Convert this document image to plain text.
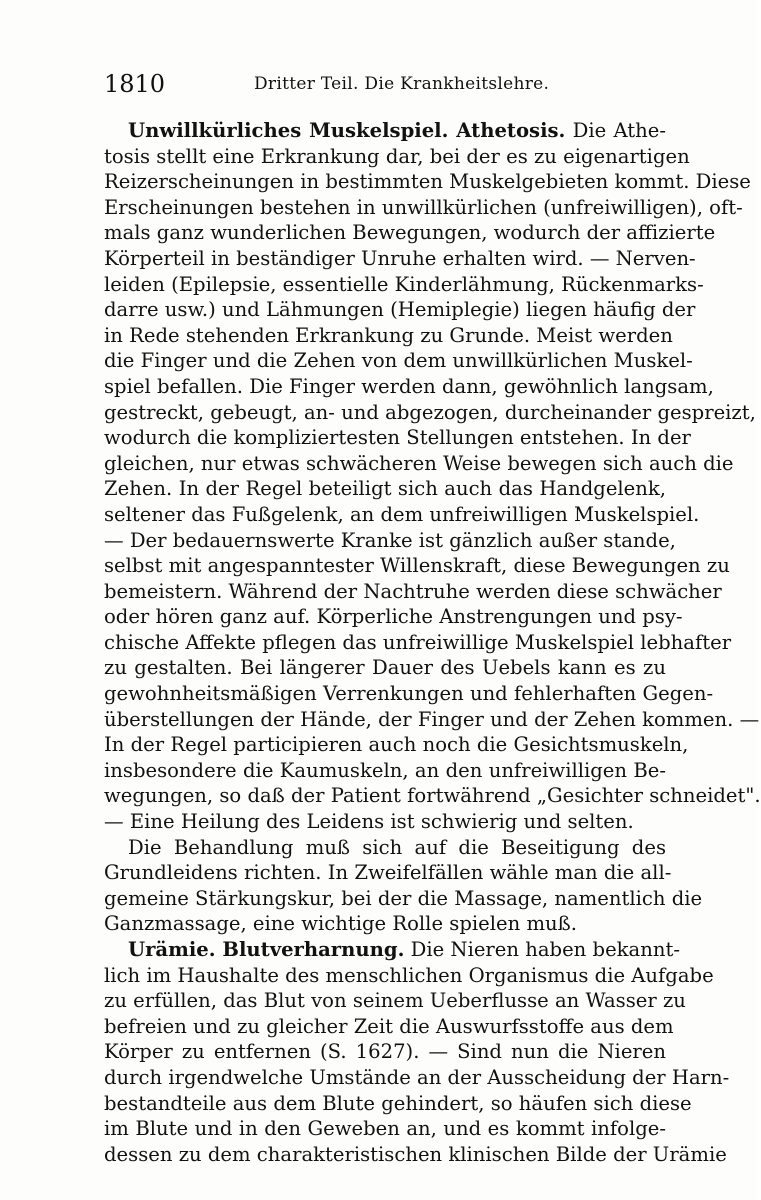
1810	Dritter Teil. Die Krankheitslehre.
Unwillkürliches Muskelspiel. Athetosis. Die Athe-
tosis stellt eine Erkrankung dar, bei der es zu eigenartigen
Reizerscheinungen in bestimmten Muskelgebieten kommt. Diese
Erscheinungen bestehen in unwillkürlichen (unfreiwilligen), oft-
mals ganz wunderlichen Bewegungen, wodurch der affizierte
Körperteil in beständiger Unruhe erhalten wird. — Nerven-
leiden (Epilepsie, essentielle Kinderlähmung, Rückenmarks-
darre usw.) und Lähmungen (Hemiplegie) liegen häufig der
in Rede stehenden Erkrankung zu Grunde. Meist werden
die Finger und die Zehen von dem unwillkürlichen Muskel-
spiel befallen. Die Finger werden dann, gewöhnlich langsam,
gestreckt, gebeugt, an- und abgezogen, durcheinander gespreizt,
wodurch die kompliziertesten Stellungen entstehen. In der
gleichen, nur etwas schwächeren Weise bewegen sich auch die
Zehen. In der Regel beteiligt sich auch das Handgelenk,
seltener das Fußgelenk, an dem unfreiwilligen Muskelspiel.
— Der bedauernswerte Kranke ist gänzlich außer stande,
selbst mit angespanntester Willenskraft, diese Bewegungen zu
bemeistern. Während der Nachtruhe werden diese schwächer
oder hören ganz auf. Körperliche Anstrengungen und psy-
chische Affekte pflegen das unfreiwillige Muskelspiel lebhafter
zu gestalten. Bei längerer Dauer des Uebels kann es zu
gewohnheitsmäßigen Verrenkungen und fehlerhaften Gegen-
überstellungen der Hände, der Finger und der Zehen kommen. —
In der Regel participieren auch noch die Gesichtsmuskeln,
insbesondere die Kaumuskeln, an den unfreiwilligen Be-
wegungen, so daß der Patient fortwährend „Gesichter schneidet".
— Eine Heilung des Leidens ist schwierig und selten.
Die Behandlung muß sich auf die Beseitigung des
Grundleidens richten. In Zweifelfällen wähle man die all-
gemeine Stärkungskur, bei der die Massage, namentlich die
Ganzmassage, eine wichtige Rolle spielen muß.
Urämie. Blutverharnung. Die Nieren haben bekannt-
lich im Haushalte des menschlichen Organismus die Aufgabe
zu erfüllen, das Blut von seinem Ueberflusse an Wasser zu
befreien und zu gleicher Zeit die Auswurfsstoffe aus dem
Körper zu entfernen (S. 1627). — Sind nun die Nieren
durch irgendwelche Umstände an der Ausscheidung der Harn-
bestandteile aus dem Blute gehindert, so häufen sich diese
im Blute und in den Geweben an, und es kommt infolge-
dessen zu dem charakteristischen klinischen Bilde der Urämie
